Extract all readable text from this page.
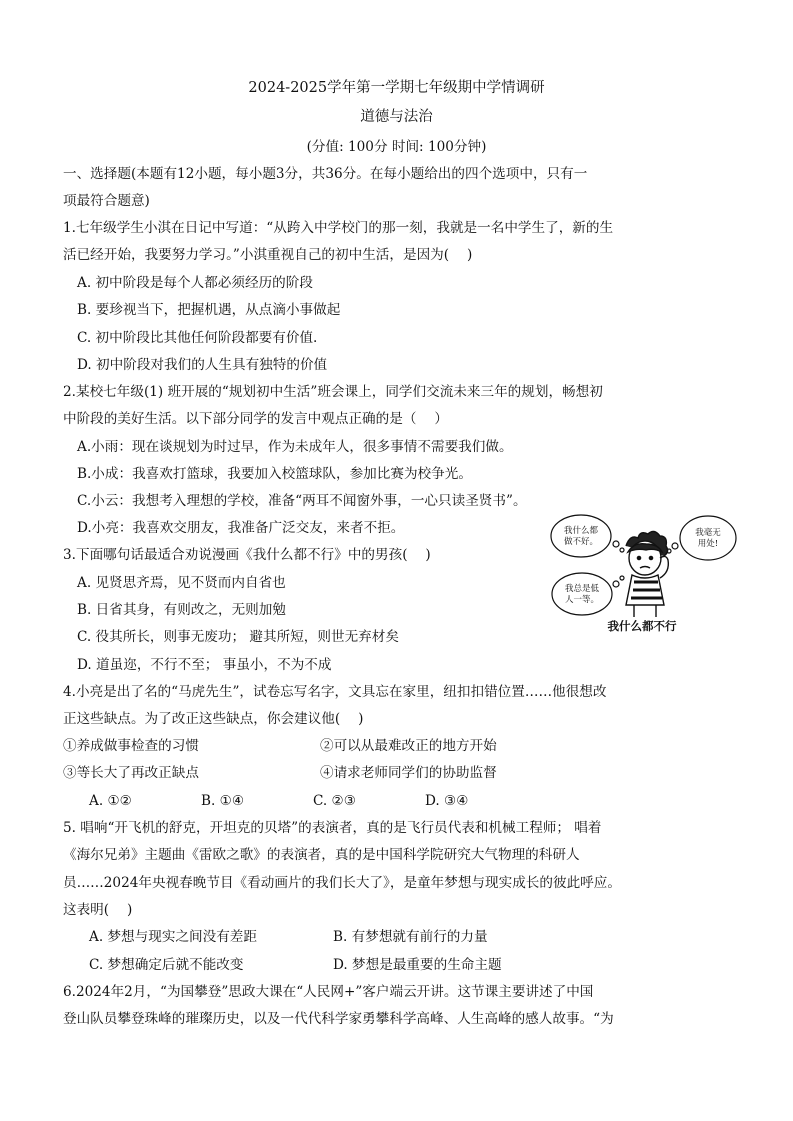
2024-2025学年第一学期七年级期中学情调研
道德与法治
(分值: 100分 时间: 100分钟)
一、选择题(本题有12小题，每小题3分，共36分。在每小题给出的四个选项中，只有一
项最符合题意)
1.七年级学生小淇在日记中写道：“从跨入中学校门的那一刻，我就是一名中学生了，新的生
活已经开始，我要努力学习。”小淇重视自己的初中生活，是因为(　 )
A. 初中阶段是每个人都必须经历的阶段
B. 要珍视当下，把握机遇，从点滴小事做起
C. 初中阶段比其他任何阶段都要有价值.
D. 初中阶段对我们的人生具有独特的价值
2.某校七年级(1) 班开展的“规划初中生活”班会课上，同学们交流未来三年的规划，畅想初
中阶段的美好生活。以下部分同学的发言中观点正确的是（　 ）
A.小雨：现在谈规划为时过早，作为未成年人，很多事情不需要我们做。
B.小成：我喜欢打篮球，我要加入校篮球队，参加比赛为校争光。
C.小云：我想考入理想的学校，准备“两耳不闻窗外事，一心只读圣贤书”。
D.小亮：我喜欢交朋友，我准备广泛交友，来者不拒。
3.下面哪句话最适合劝说漫画《我什么都不行》中的男孩(　 )
A. 见贤思齐焉，见不贤而内自省也
B. 日省其身，有则改之，无则加勉
C. 役其所长，则事无废功； 避其所短，则世无弃材矣
D. 道虽迩，不行不至； 事虽小，不为不成
我什么都
做不好。
我毫无
用处!
我总是低
人一等。
我什么都不行
4.小亮是出了名的“马虎先生”，试卷忘写名字，文具忘在家里，纽扣扣错位置……他很想改
正这些缺点。为了改正这些缺点，你会建议他(　 )
①养成做事检查的习惯	②可以从最难改正的地方开始
③等长大了再改正缺点	④请求老师同学们的协助监督
A. ①②	B. ①④	C. ②③	D. ③④
5. 唱响“开飞机的舒克，开坦克的贝塔”的表演者，真的是飞行员代表和机械工程师； 唱着
《海尔兄弟》主题曲《雷欧之歌》的表演者，真的是中国科学院研究大气物理的科研人
员……2024年央视春晚节目《看动画片的我们长大了》，是童年梦想与现实成长的彼此呼应。
这表明(　 )
A. 梦想与现实之间没有差距	B. 有梦想就有前行的力量
C. 梦想确定后就不能改变	D. 梦想是最重要的生命主题
6.2024年2月，“为国攀登”思政大课在“人民网+”客户端云开讲。这节课主要讲述了中国
登山队员攀登珠峰的璀璨历史，以及一代代科学家勇攀科学高峰、人生高峰的感人故事。“为
